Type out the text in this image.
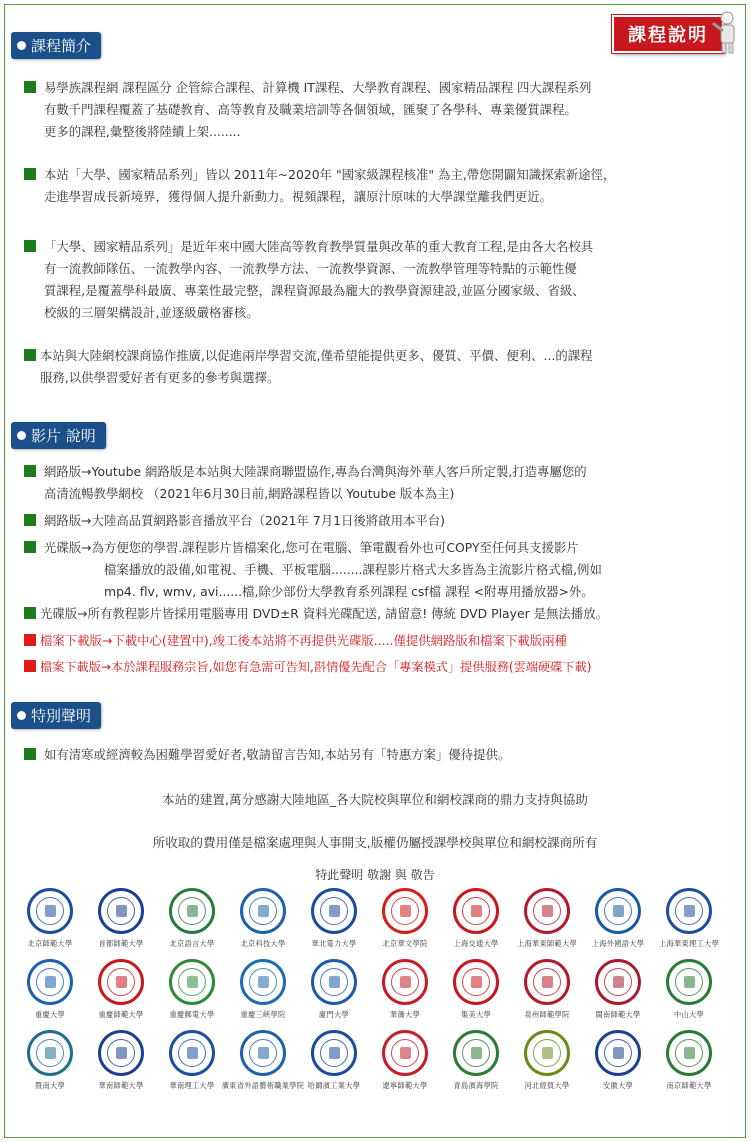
課程說明
課程簡介
易學族課程網 課程區分 企管綜合課程、計算機 IT課程、大學教育課程、國家精品課程 四大課程系列
有數千門課程覆蓋了基礎教育、高等教育及職業培訓等各個領域，匯聚了各學科、專業優質課程。
更多的課程,彙整後將陸續上架........
本站「大學、國家精品系列」皆以 2011年~2020年 "國家級課程核准" 為主,帶您開闢知識探索新途徑，
走進學習成長新境界，獲得個人提升新動力。視頻課程，讓原汁原味的大學課堂離我們更近。
「大學、國家精品系列」是近年來中國大陸高等教育教學質量與改革的重大教育工程,是由各大名校具
有一流教師隊伍、一流教學內容、一流教學方法、一流教學資源、一流教學管理等特點的示範性優
質課程,是覆蓋學科最廣、專業性最完整，課程資源最為龐大的教學資源建設,並區分國家級、省級、
校級的三層架構設計,並逐級嚴格審核。
本站與大陸網校課商協作推廣,以促進兩岸學習交流,僅希望能提供更多、優質、平價、便利、...的課程
服務,以供學習愛好者有更多的參考與選擇。
影片 說明
網路版→Youtube 網路版是本站與大陸課商聯盟協作,專為台灣與海外華人客戶所定製,打造專屬您的
高清流暢教學網校 （2021年6月30日前,網路課程皆以 Youtube 版本為主)
網路版→大陸高品質網路影音播放平台（2021年 7月1日後將啟用本平台)
光碟版→為方便您的學習.課程影片皆檔案化,您可在電腦、筆電觀看外也可COPY至任何具支援影片
檔案播放的設備,如電視、手機、平板電腦........課程影片格式大多皆為主流影片格式檔,例如
mp4. flv, wmv, avi......檔,除少部份大學教育系列課程 csf檔 課程 <附專用播放器>外。
光碟版→所有教程影片皆採用電腦專用 DVD±R 資料光碟配送, 請留意! 傳統 DVD Player 是無法播放。
檔案下載版→下載中心(建置中),竣工後本站將不再提供光碟版.....僅提供網路版和檔案下載版兩種
檔案下載版→本於課程服務宗旨,如您有急需可告知,斟情優先配合「專案模式」提供服務(雲端硬碟下載)
特別聲明
如有清寒或經濟較為困難學習愛好者,敬請留言告知,本站另有「特惠方案」優待提供。
本站的建置,萬分感謝大陸地區_各大院校與單位和網校課商的鼎力支持與協助
所收取的費用僅是檔案處理與人事開支,版權仍屬授課學校與單位和網校課商所有
特此聲明 敬謝 與 敬告
北京師範大學	首都師範大學	北京語言大學	北京科技大學	華北電力大學	北京華文學院	上海交通大學	上海華東師範大學 上海外國語大學 上海華東理工大學
重慶大學	重慶師範大學	重慶郵電大學	重慶三峽學院	廈門大學	華僑大學	集美大學	泉州師範學院	閩南師範大學	中山大學
暨南大學	華南師範大學	華南理工大學 廣東省外語藝術職業學院 哈爾濱工業大學	遼寧師範大學	青島濱海學院	河北經貿大學	安徽大學	南京師範大學
